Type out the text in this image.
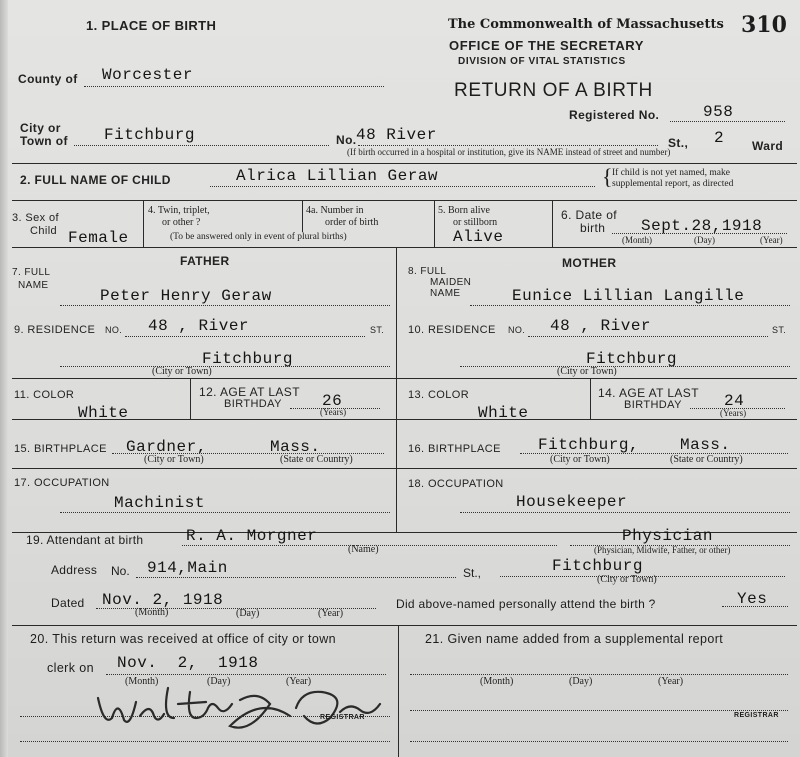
1. PLACE OF BIRTH	The Commonwealth of Massachusetts
OFFICE OF THE SECRETARY
DIVISION OF VITAL STATISTICS
310
RETURN OF A BIRTH
Registered No.	958
County of Worcester
City or
Town of Fitchburg	No. 48 River	St., 2 Ward
(If birth occurred in a hospital or institution, give its NAME instead of street and number)
2. FULL NAME OF CHILD	Alrica Lillian Geraw	{ If child is not yet named, make
supplemental report, as directed
3. Sex of
Child Female
4. Twin, triplet,
or other ?
4a. Number in
order of birth
(To be answered only in event of plural births)
5. Born alive
or stillborn
Alive
6. Date of
birth Sept.28,1918
(Month)	(Day)	(Year)
FATHER
7. FULL
NAME
Peter Henry Geraw
9. RESIDENCE NO. 48 , River	ST.
Fitchburg
(City or Town)
11. COLOR
White
12. AGE AT LAST
BIRTHDAY	26
(Years)
15. BIRTHPLACE Gardner,	Mass.
(City or Town)	(State or Country)
17. OCCUPATION
Machinist
MOTHER
8. FULL
MAIDEN
NAME	Eunice Lillian Langille
10. RESIDENCE NO. 48 , River	ST.
Fitchburg
(City or Town)
13. COLOR
White
14. AGE AT LAST
BIRTHDAY	24
(Years)
16. BIRTHPLACE Fitchburg,	Mass.
(City or Town)	(State or Country)
18. OCCUPATION
Housekeeper
19. Attendant at birth	R. A. Morgner
(Name)
Physician
(Physician, Midwife, Father, or other)
Address No. 914,Main	St.,	Fitchburg
(City or Town)
Dated Nov. 2, 1918
(Month)	(Day)	(Year)
Did above-named personally attend the birth ?	Yes
20. This return was received at office of city or town
clerk on Nov.  2,  1918
(Month)	(Day)	(Year)
REGISTRAR
21. Given name added from a supplemental report
(Month)	(Day)	(Year)
REGISTRAR
